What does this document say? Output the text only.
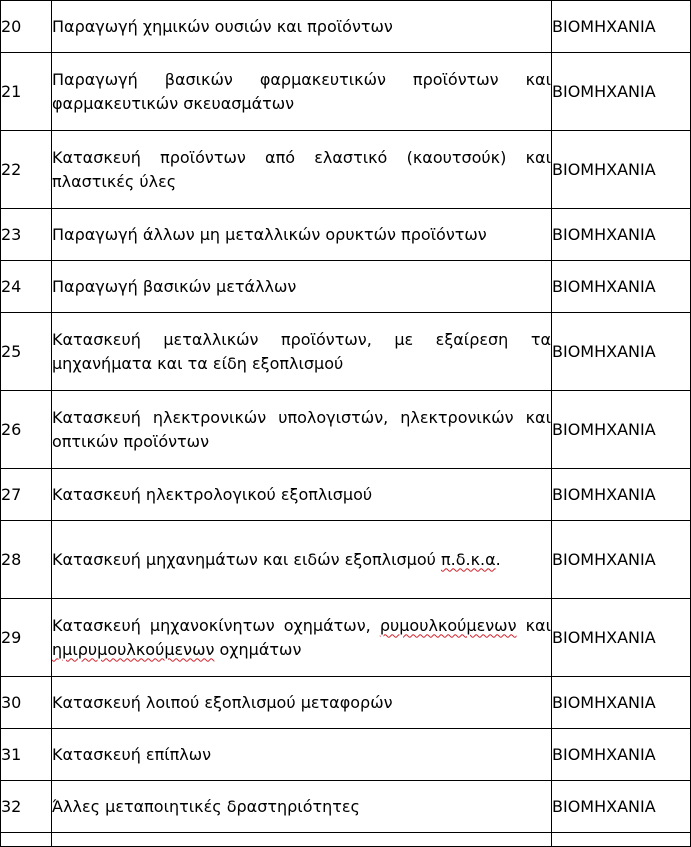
20	Παραγωγή χημικών ουσιών και προϊόντων	ΒΙΟΜΗΧΑΝΙΑ
21	Παραγωγή βασικών φαρμακευτικών προϊόντων και φαρμακευτικών σκευασμάτων	ΒΙΟΜΗΧΑΝΙΑ
22	Κατασκευή προϊόντων από ελαστικό (καουτσούκ) και πλαστικές ύλες	ΒΙΟΜΗΧΑΝΙΑ
23	Παραγωγή άλλων μη μεταλλικών ορυκτών προϊόντων	ΒΙΟΜΗΧΑΝΙΑ
24	Παραγωγή βασικών μετάλλων	ΒΙΟΜΗΧΑΝΙΑ
25	Κατασκευή μεταλλικών προϊόντων, με εξαίρεση τα μηχανήματα και τα είδη εξοπλισμού	ΒΙΟΜΗΧΑΝΙΑ
26	Κατασκευή ηλεκτρονικών υπολογιστών, ηλεκτρονικών και οπτικών προϊόντων	ΒΙΟΜΗΧΑΝΙΑ
27	Κατασκευή ηλεκτρολογικού εξοπλισμού	ΒΙΟΜΗΧΑΝΙΑ
28	Κατασκευή μηχανημάτων και ειδών εξοπλισμού π.δ.κ.α.	ΒΙΟΜΗΧΑΝΙΑ
29	Κατασκευή μηχανοκίνητων οχημάτων, ρυμουλκούμενων και ημιρυμουλκούμενων οχημάτων	ΒΙΟΜΗΧΑΝΙΑ
30	Κατασκευή λοιπού εξοπλισμού μεταφορών	ΒΙΟΜΗΧΑΝΙΑ
31	Κατασκευή επίπλων	ΒΙΟΜΗΧΑΝΙΑ
32	Άλλες μεταποιητικές δραστηριότητες	ΒΙΟΜΗΧΑΝΙΑ
